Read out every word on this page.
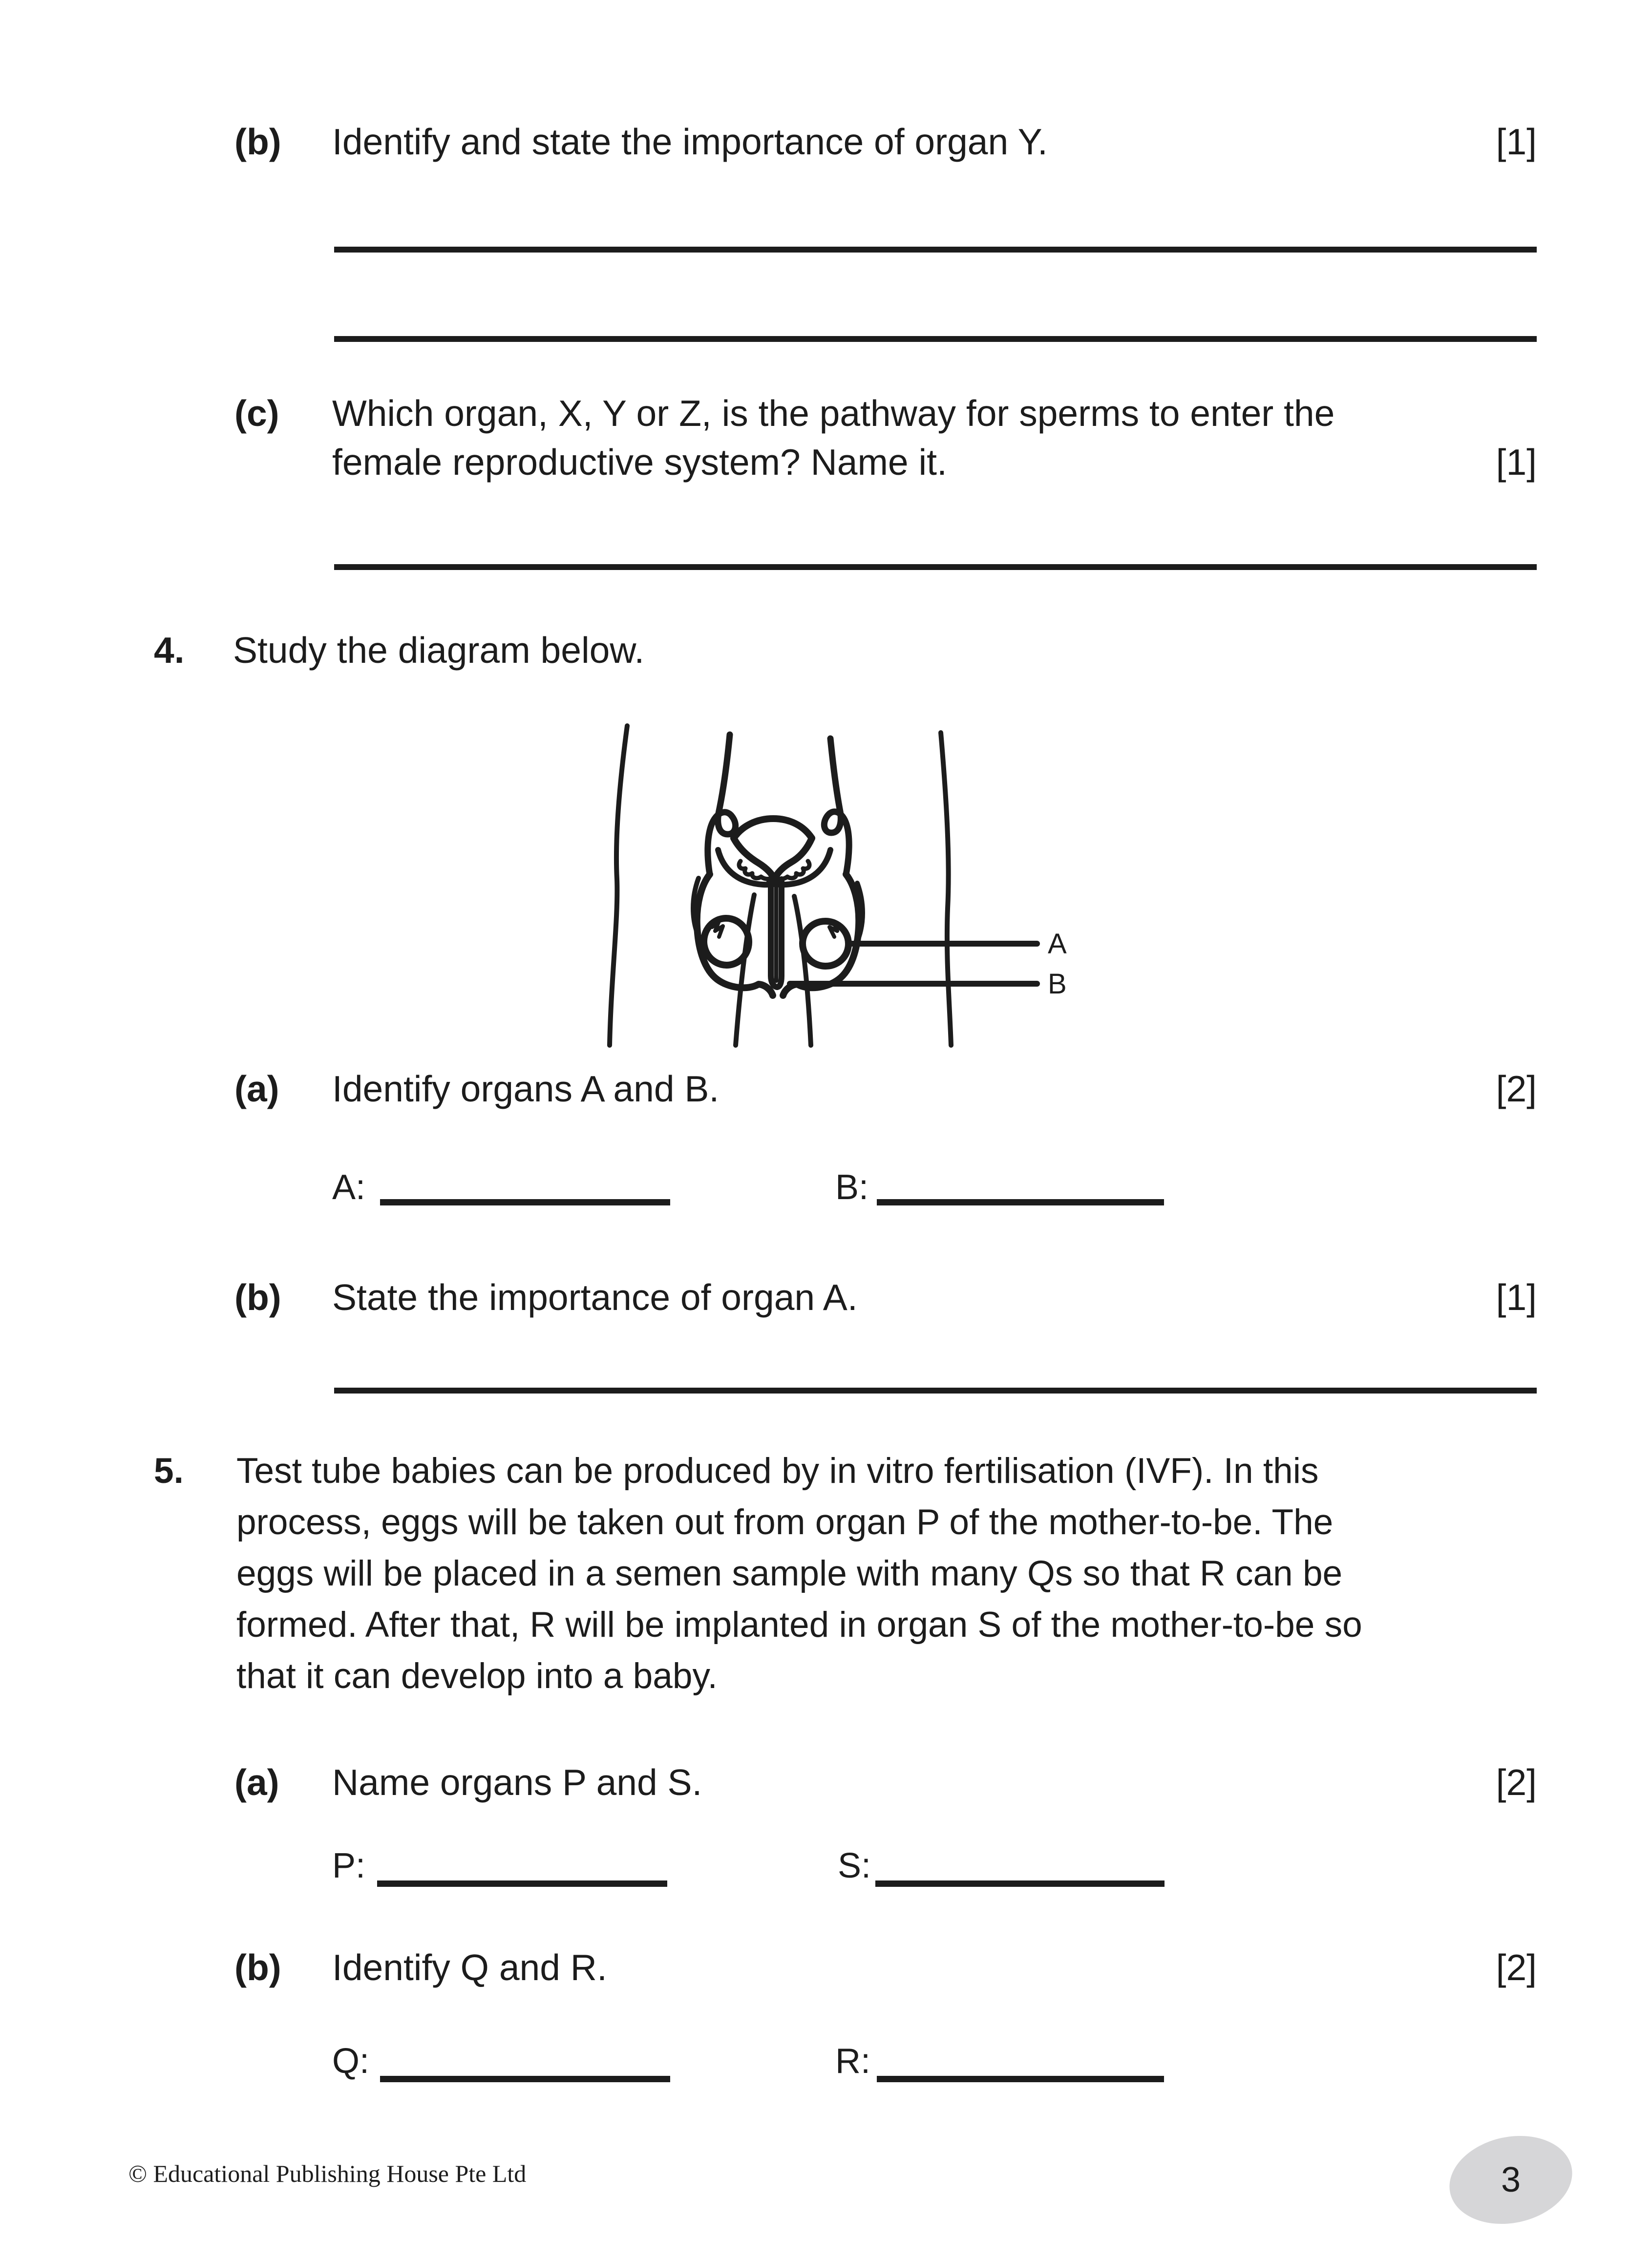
(b) Identify and state the importance of organ Y.	[1]
(c) Which organ, X, Y or Z, is the pathway for sperms to enter the
female reproductive system? Name it.	[1]
4. Study the diagram below.
A
B
(a) Identify organs A and B.	[2]
A:	B:
(b) State the importance of organ A.	[1]
5. Test tube babies can be produced by in vitro fertilisation (IVF). In this
process, eggs will be taken out from organ P of the mother-to-be. The
eggs will be placed in a semen sample with many Qs so that R can be
formed. After that, R will be implanted in organ S of the mother-to-be so
that it can develop into a baby.
(a) Name organs P and S.	[2]
P:	S:
(b) Identify Q and R.	[2]
Q:	R:
© Educational Publishing House Pte Ltd	3
